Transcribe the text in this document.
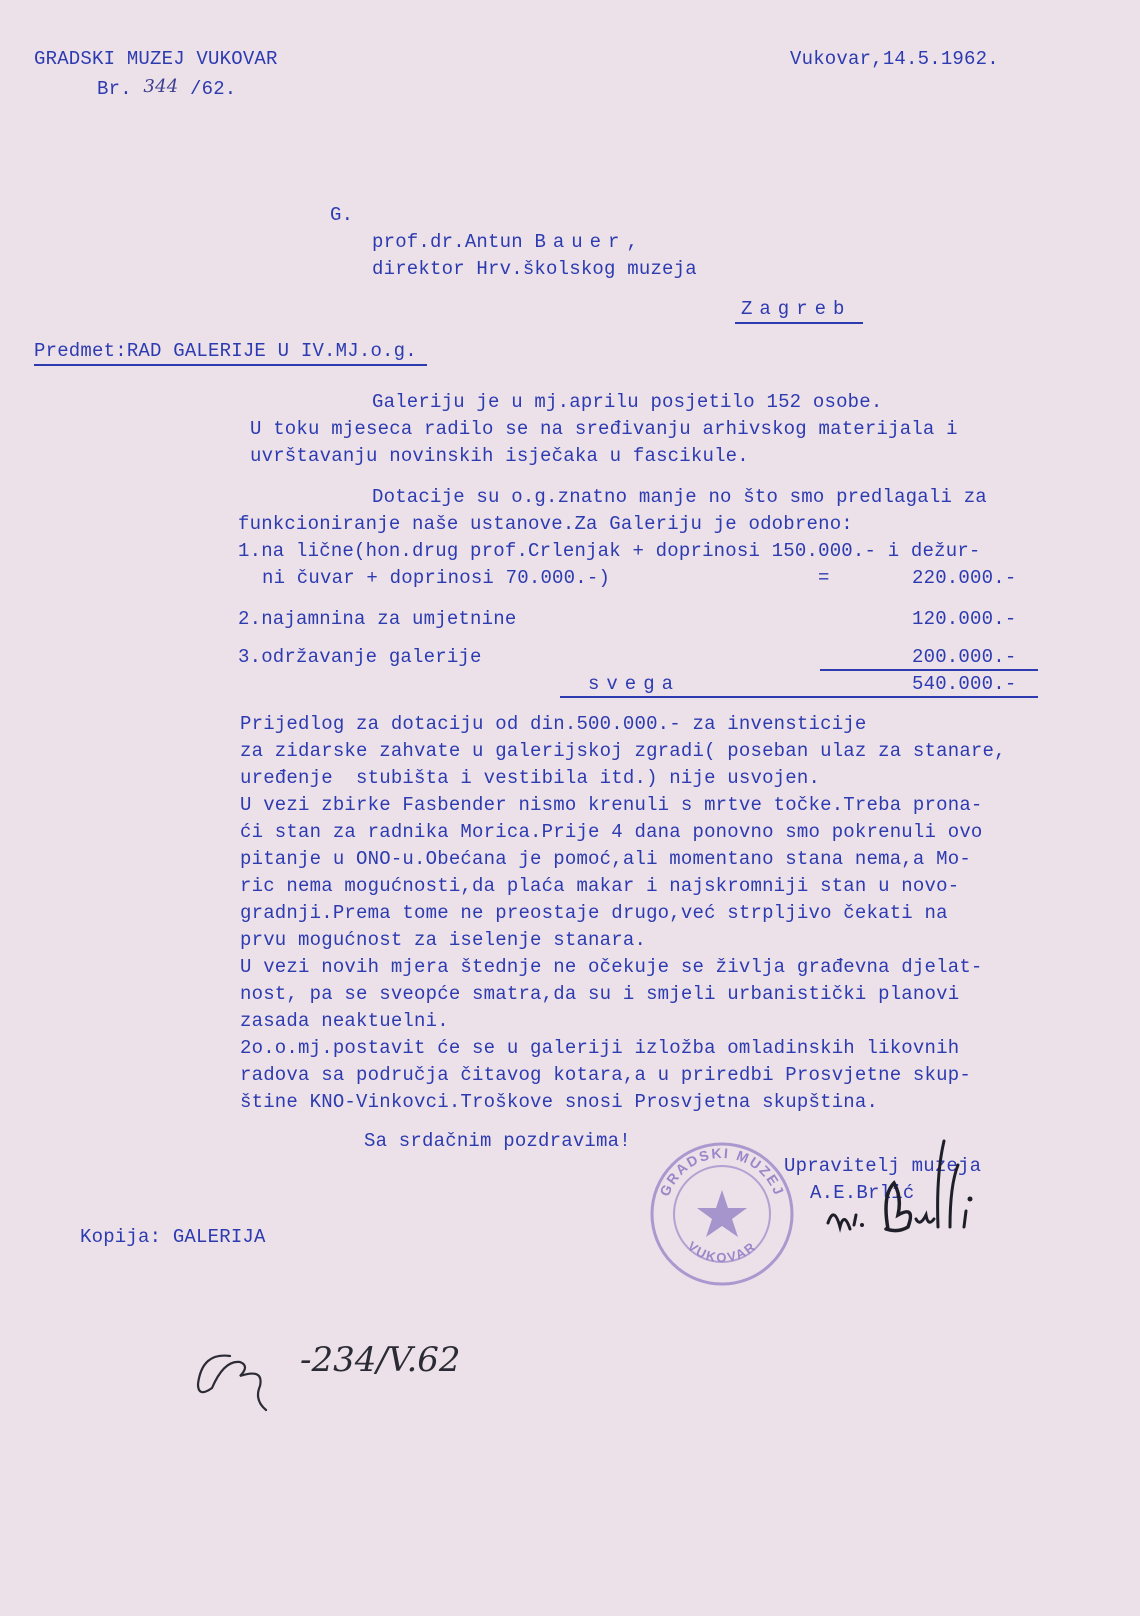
GRADSKI MUZEJ VUKOVAR
Br. 344 /62.
Vukovar,14.5.1962.
G.
prof.dr.Antun Bauer,
direktor Hrv.školskog muzeja
Zagreb
Predmet:RAD GALERIJE U IV.MJ.o.g.
Galeriju je u mj.aprilu posjetilo 152 osobe.
U toku mjeseca radilo se na sređivanju arhivskog materijala i
uvrštavanju novinskih isječaka u fascikule.
Dotacije su o.g.znatno manje no što smo predlagali za
funkcioniranje naše ustanove.Za Galeriju je odobreno:
1.na lične(hon.drug prof.Crlenjak + doprinosi 150.000.- i dežur-
ni čuvar + doprinosi 70.000.-)	=	220.000.-
2.najamnina za umjetnine	120.000.-
3.održavanje galerije	200.000.-
svega	540.000.-
Prijedlog za dotaciju od din.500.000.- za invensticije
za zidarske zahvate u galerijskoj zgradi( poseban ulaz za stanare,
uređenje  stubišta i vestibila itd.) nije usvojen.
U vezi zbirke Fasbender nismo krenuli s mrtve točke.Treba prona-
ći stan za radnika Morica.Prije 4 dana ponovno smo pokrenuli ovo
pitanje u ONO-u.Obećana je pomoć,ali momentano stana nema,a Mo-
ric nema mogućnosti,da plaća makar i najskromniji stan u novo-
gradnji.Prema tome ne preostaje drugo,već strpljivo čekati na
prvu mogućnost za iselenje stanara.
U vezi novih mjera štednje ne očekuje se življa građevna djelat-
nost, pa se sveopće smatra,da su i smjeli urbanistički planovi
zasada neaktuelni.
2o.o.mj.postavit će se u galeriji izložba omladinskih likovnih
radova sa područja čitavog kotara,a u priredbi Prosvjetne skup-
štine KNO-Vinkovci.Troškove snosi Prosvjetna skupština.
Sa srdačnim pozdravima!
Upravitelj muzeja
A.E.Brlić
GRADSKI MUZEJ
VUKOVAR
Kopija: GALERIJA
-234/V.62
